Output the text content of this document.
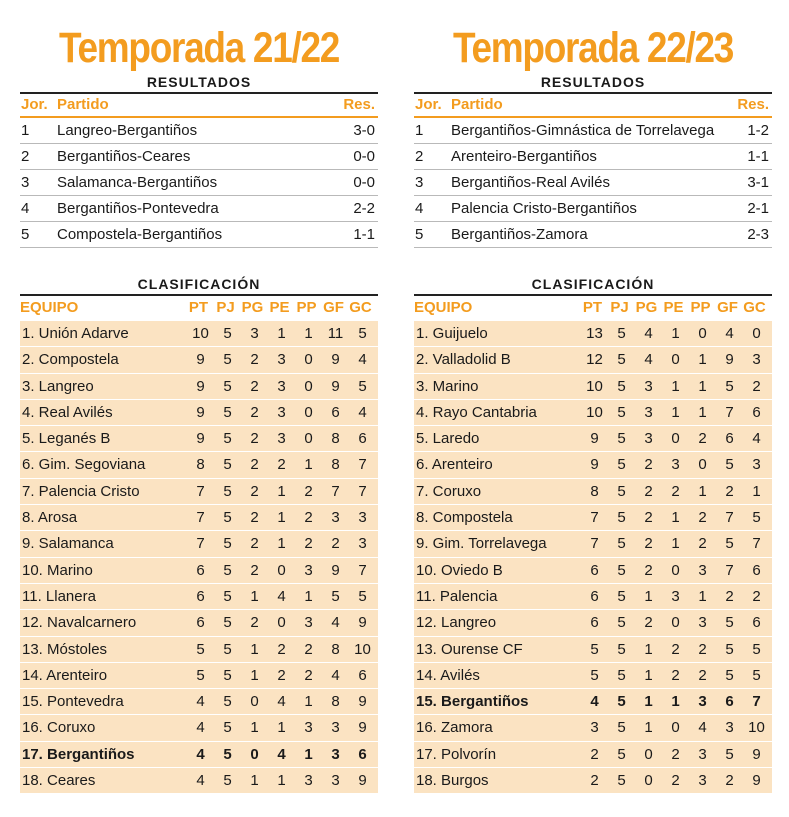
Temporada 21/22
RESULTADOS
Jor. Partido	Res.
1	Langreo-Bergantiños	3-0
2	Bergantiños-Ceares	0-0
3	Salamanca-Bergantiños	0-0
4	Bergantiños-Pontevedra	2-2
5	Compostela-Bergantiños	1-1
CLASIFICACIÓN
EQUIPO	PT PJ PG PE PP GF GC
1. Unión Adarve	10 5	3	1	1	11	5
2. Compostela	9	5	2	3	0	9	4
3. Langreo	9	5	2	3	0	9	5
4. Real Avilés	9	5	2	3	0	6	4
5. Leganés B	9	5	2	3	0	8	6
6. Gim. Segoviana	8	5	2	2	1	8	7
7. Palencia Cristo	7	5	2	1	2	7	7
8. Arosa	7	5	2	1	2	3	3
9. Salamanca	7	5	2	1	2	2	3
10. Marino	6	5	2	0	3	9	7
11. Llanera	6	5	1	4	1	5	5
12. Navalcarnero	6	5	2	0	3	4	9
13. Móstoles	5	5	1	2	2	8 10
14. Arenteiro	5	5	1	2	2	4	6
15. Pontevedra	4	5	0	4	1	8	9
16. Coruxo	4	5	1	1	3	3	9
17. Bergantiños	4	5	0	4	1	3	6
18. Ceares	4	5	1	1	3	3	9
Temporada 22/23
RESULTADOS
Jor. Partido	Res.
1	Bergantiños-Gimnástica de Torrelavega	1-2
2	Arenteiro-Bergantiños	1-1
3	Bergantiños-Real Avilés	3-1
4	Palencia Cristo-Bergantiños	2-1
5	Bergantiños-Zamora	2-3
CLASIFICACIÓN
EQUIPO	PT PJ PG PE PP GF GC
1. Guijuelo	13 5	4	1	0	4	0
2. Valladolid B	12 5	4	0	1	9	3
3. Marino	10 5	3	1	1	5	2
4. Rayo Cantabria	10 5	3	1	1	7	6
5. Laredo	9	5	3	0	2	6	4
6. Arenteiro	9	5	2	3	0	5	3
7. Coruxo	8	5	2	2	1	2	1
8. Compostela	7	5	2	1	2	7	5
9. Gim. Torrelavega	7	5	2	1	2	5	7
10. Oviedo B	6	5	2	0	3	7	6
11. Palencia	6	5	1	3	1	2	2
12. Langreo	6	5	2	0	3	5	6
13. Ourense CF	5	5	1	2	2	5	5
14. Avilés	5	5	1	2	2	5	5
15. Bergantiños	4	5	1	1	3	6	7
16. Zamora	3	5	1	0	4	3 10
17. Polvorín	2	5	0	2	3	5	9
18. Burgos	2	5	0	2	3	2	9
